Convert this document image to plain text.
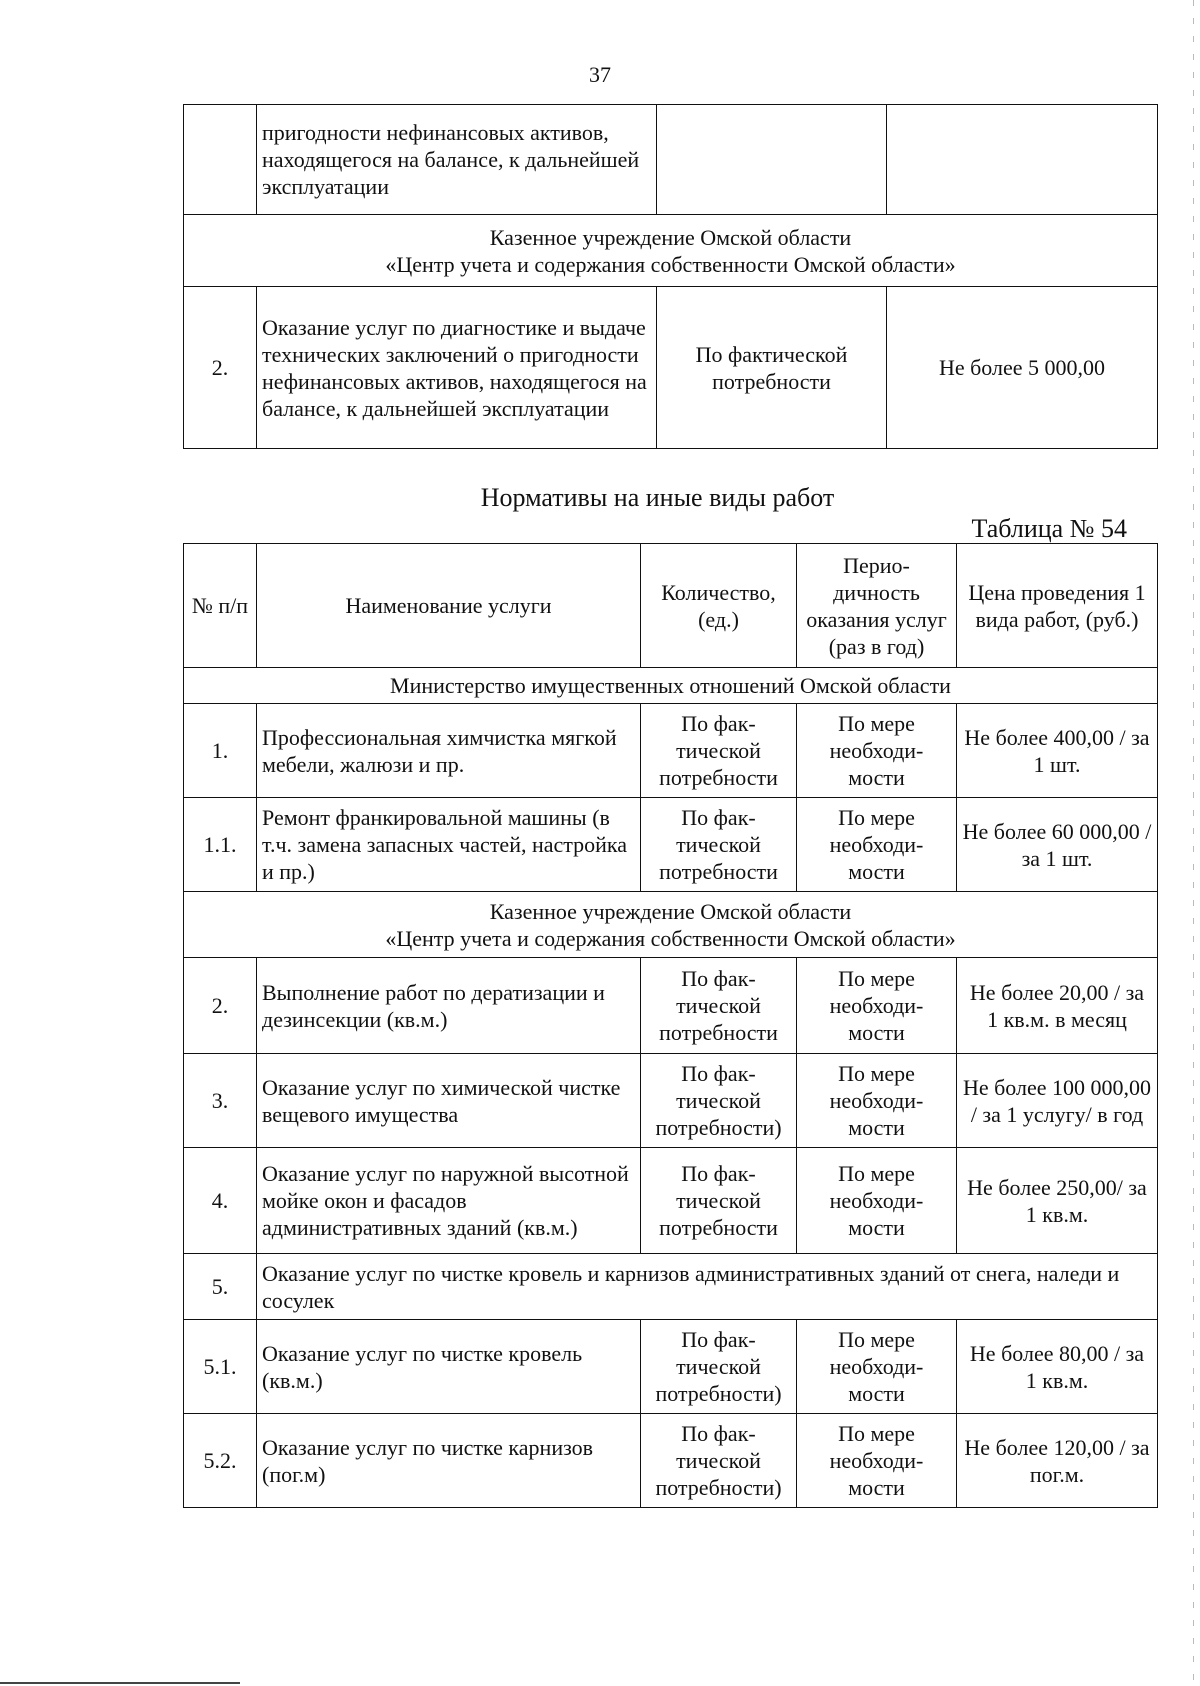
37
	пригодности нефинансовых активов, находящегося на балансе, к дальнейшей эксплуатации		

Казенное учреждение Омской области
«Центр учета и содержания собственности Омской области»			

2.	Оказание услуг по диагностике и выдаче технических заключений о пригодности нефинансовых активов, находящегося на балансе, к дальнейшей эксплуатации	По фактической потребности	Не более 5 000,00
Нормативы на иные виды работ
Таблица № 54
№ п/п	Наименование услуги	Количество, (ед.)	Перио-дичность оказания услуг (раз в год)	Цена проведения 1 вида работ, (руб.)
Министерство имущественных отношений Омской области				
1.	Профессиональная химчистка мягкой мебели, жалюзи и пр.	По фак-тической потребности	По мере необходи-мости	Не более 400,00 / за 1 шт.
1.1.	Ремонт франкировальной машины (в т.ч. замена запасных частей, настройка и пр.)	По фак-тической потребности	По мере необходи-мости	Не более 60 000,00 / за 1 шт.

Казенное учреждение Омской области
«Центр учета и содержания собственности Омской области»				

2.	Выполнение работ по дератизации и дезинсекции (кв.м.)	По фак-тической потребности	По мере необходи-мости	Не более 20,00 / за 1 кв.м. в месяц
3.	Оказание услуг по химической чистке вещевого имущества	По фак-тической потребности)	По мере необходи-мости	Не более 100 000,00 / за 1 услугу/ в год
4.	Оказание услуг по наружной высотной мойке окон и фасадов административных зданий (кв.м.)	По фак-тической потребности	По мере необходи-мости	Не более 250,00/ за 1 кв.м.
5.	Оказание услуг по чистке кровель и карнизов административных зданий от снега, наледи и сосулек			
5.1.	Оказание услуг по чистке кровель (кв.м.)	По фак-тической потребности)	По мере необходи-мости	Не более 80,00 / за 1 кв.м.
5.2.	Оказание услуг по чистке карнизов (пог.м)	По фак-тической потребности)	По мере необходи-мости	Не более 120,00 / за пог.м.
